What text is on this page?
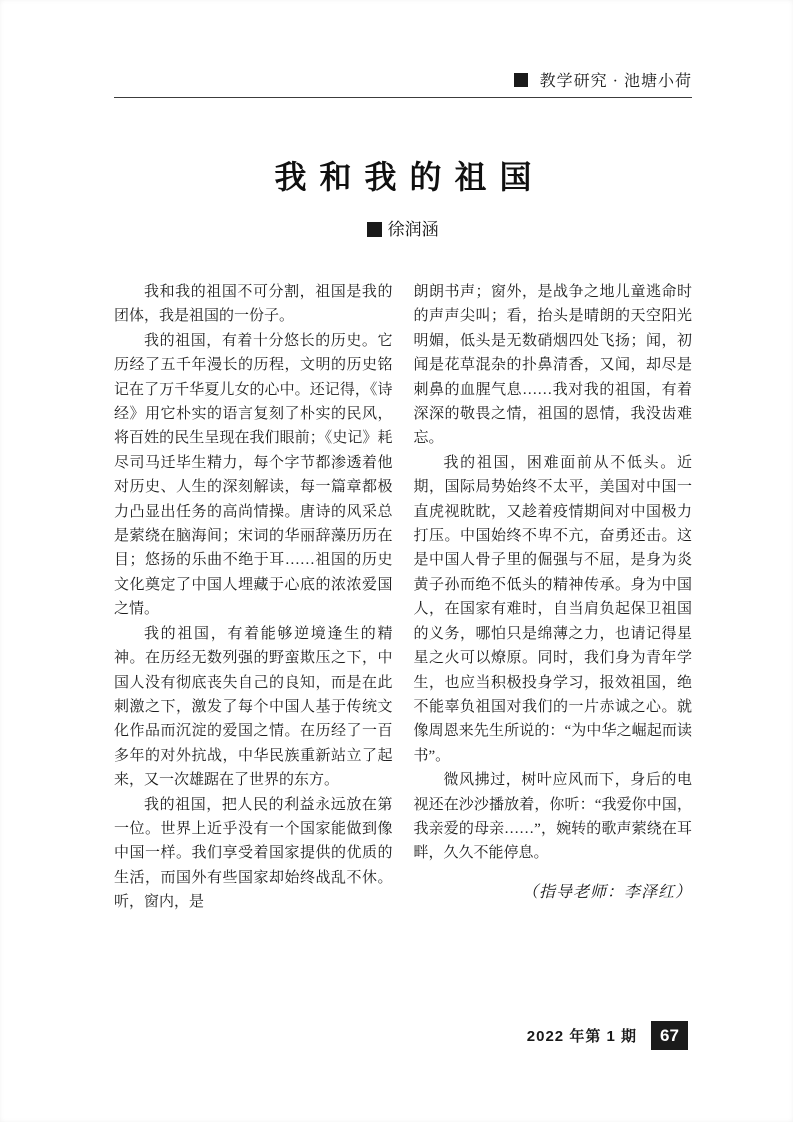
教学研究 · 池塘小荷
我和我的祖国
徐润涵

我和我的祖国不可分割，祖国是我的团体，我是祖国的一份子。

我的祖国，有着十分悠长的历史。它历经了五千年漫长的历程，文明的历史铭记在了万千华夏儿女的心中。还记得，《诗经》用它朴实的语言复刻了朴实的民风，将百姓的民生呈现在我们眼前；《史记》耗尽司马迁毕生精力，每个字节都渗透着他对历史、人生的深刻解读，每一篇章都极力凸显出任务的高尚情操。唐诗的风采总是萦绕在脑海间；宋词的华丽辞藻历历在目；悠扬的乐曲不绝于耳……祖国的历史文化奠定了中国人埋藏于心底的浓浓爱国之情。

我的祖国，有着能够逆境逢生的精神。在历经无数列强的野蛮欺压之下，中国人没有彻底丧失自己的良知，而是在此刺激之下，激发了每个中国人基于传统文化作品而沉淀的爱国之情。在历经了一百多年的对外抗战，中华民族重新站立了起来，又一次雄踞在了世界的东方。

我的祖国，把人民的利益永远放在第一位。世界上近乎没有一个国家能做到像中国一样。我们享受着国家提供的优质的生活，而国外有些国家却始终战乱不休。听，窗内，是

朗朗书声；窗外，是战争之地儿童逃命时的声声尖叫；看，抬头是晴朗的天空阳光明媚，低头是无数硝烟四处飞扬；闻，初闻是花草混杂的扑鼻清香，又闻，却尽是刺鼻的血腥气息……我对我的祖国，有着深深的敬畏之情，祖国的恩情，我没齿难忘。

我的祖国，困难面前从不低头。近期，国际局势始终不太平，美国对中国一直虎视眈眈，又趁着疫情期间对中国极力打压。中国始终不卑不亢，奋勇还击。这是中国人骨子里的倔强与不屈，是身为炎黄子孙而绝不低头的精神传承。身为中国人，在国家有难时，自当肩负起保卫祖国的义务，哪怕只是绵薄之力，也请记得星星之火可以燎原。同时，我们身为青年学生，也应当积极投身学习，报效祖国，绝不能辜负祖国对我们的一片赤诚之心。就像周恩来先生所说的：“为中华之崛起而读书”。

微风拂过，树叶应风而下，身后的电视还在沙沙播放着，你听：“我爱你中国，我亲爱的母亲……”，婉转的歌声萦绕在耳畔，久久不能停息。

（指导老师：李泽红）

2022 年第 1 期	67
